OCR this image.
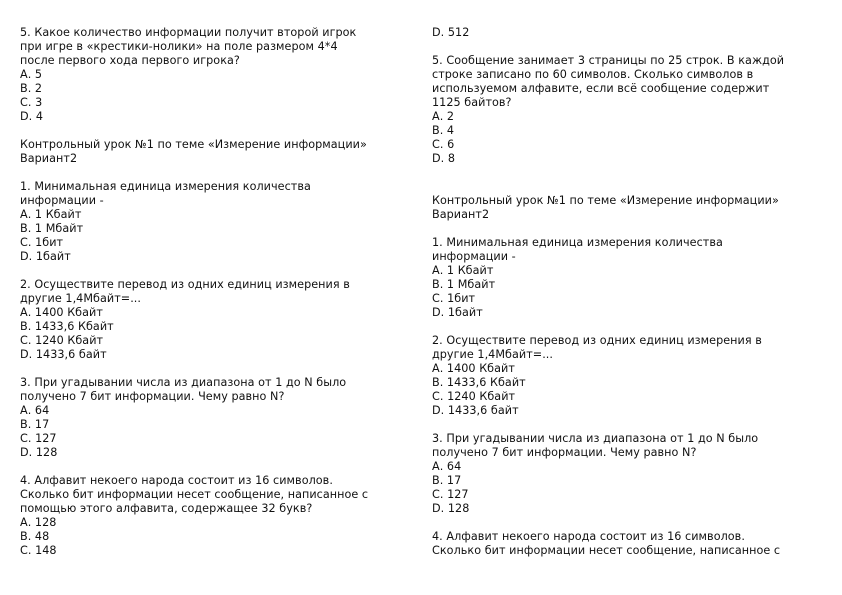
5. Какое количество информации получит второй игрок
при игре в «крестики-нолики» на поле размером 4*4
после первого хода первого игрока?
А. 5
В. 2
С. 3
D. 4
Контрольный урок №1 по теме «Измерение информации»
Вариант2
1. Минимальная единица измерения количества
информации -
А. 1 Кбайт
В. 1 Мбайт
С. 1бит
D. 1байт
2. Осуществите перевод из одних единиц измерения в
другие 1,4Мбайт=...
А. 1400 Кбайт
В. 1433,6 Кбайт
С. 1240 Кбайт
D. 1433,6 байт
3. При угадывании числа из диапазона от 1 до N было
получено 7 бит информации. Чему равно N?
А. 64
В. 17
С. 127
D. 128
4. Алфавит некоего народа состоит из 16 символов.
Сколько бит информации несет сообщение, написанное с
помощью этого алфавита, содержащее 32 букв?
А. 128
В. 48
С. 148
D. 512
5. Сообщение занимает 3 страницы по 25 строк. В каждой
строке записано по 60 символов. Сколько символов в
используемом алфавите, если всё сообщение содержит
1125 байтов?
А. 2
В. 4
С. 6
D. 8
Контрольный урок №1 по теме «Измерение информации»
Вариант2
1. Минимальная единица измерения количества
информации -
А. 1 Кбайт
В. 1 Мбайт
С. 1бит
D. 1байт
2. Осуществите перевод из одних единиц измерения в
другие 1,4Мбайт=...
А. 1400 Кбайт
В. 1433,6 Кбайт
С. 1240 Кбайт
D. 1433,6 байт
3. При угадывании числа из диапазона от 1 до N было
получено 7 бит информации. Чему равно N?
А. 64
В. 17
С. 127
D. 128
4. Алфавит некоего народа состоит из 16 символов.
Сколько бит информации несет сообщение, написанное с
